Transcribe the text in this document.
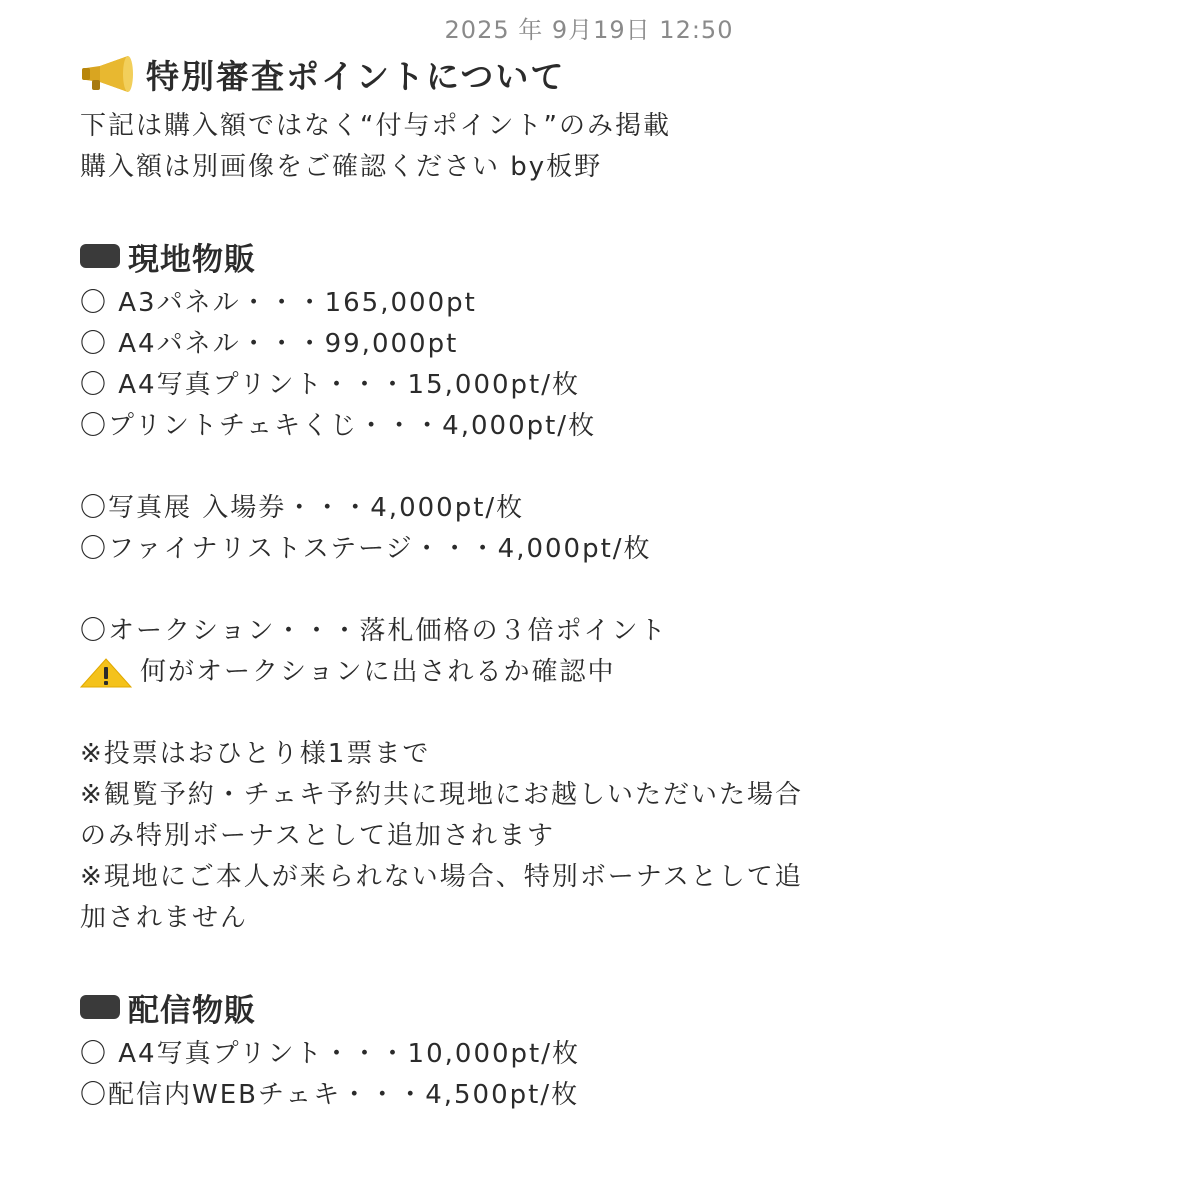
2025 年 9月19日 12:50
特別審査ポイントについて
下記は購入額ではなく“付与ポイント”のみ掲載
購入額は別画像をご確認ください by板野
現地物販
〇 A3パネル・・・165,000pt
〇 A4パネル・・・99,000pt
〇 A4写真プリント・・・15,000pt/枚
〇プリントチェキくじ・・・4,000pt/枚
〇写真展 入場券・・・4,000pt/枚
〇ファイナリストステージ・・・4,000pt/枚
〇オークション・・・落札価格の３倍ポイント
何がオークションに出されるか確認中
※投票はおひとり様1票まで
※観覧予約・チェキ予約共に現地にお越しいただいた場合
のみ特別ボーナスとして追加されます
※現地にご本人が来られない場合、特別ボーナスとして追
加されません
配信物販
〇 A4写真プリント・・・10,000pt/枚
〇配信内WEBチェキ・・・4,500pt/枚
